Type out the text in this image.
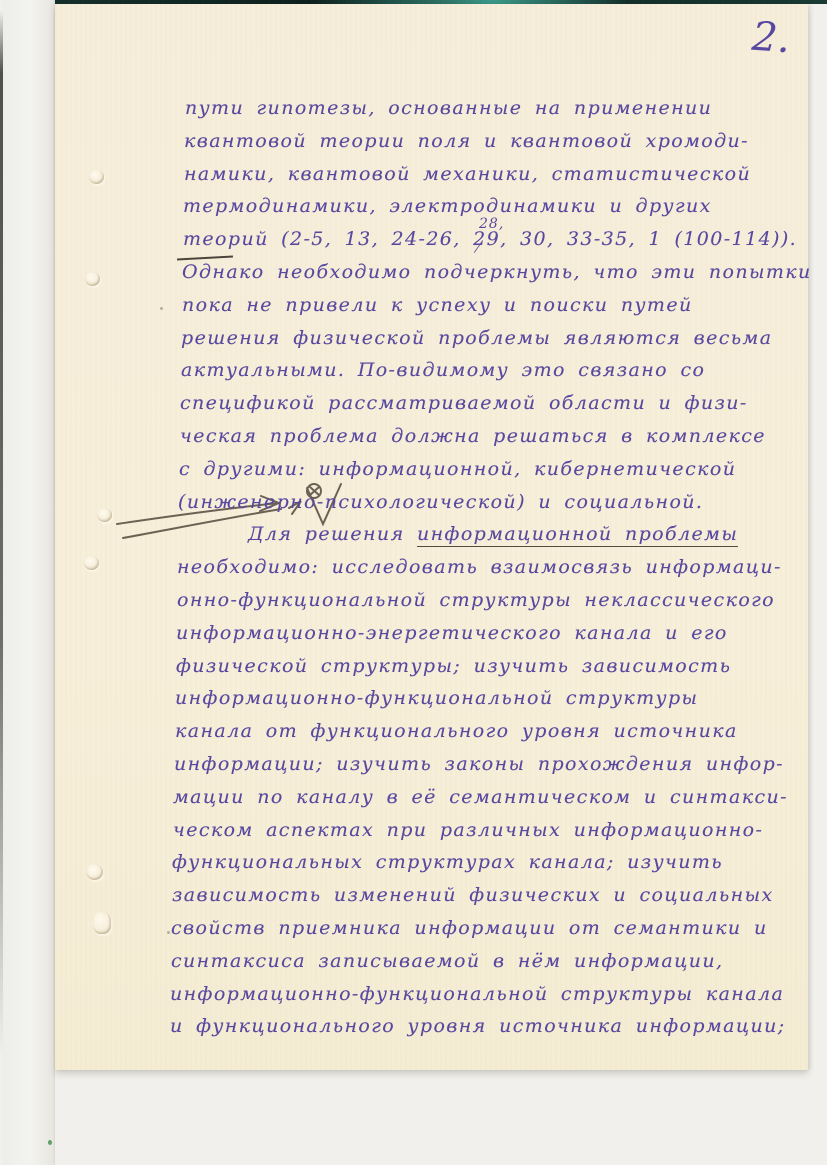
2.
28,
пути гипотезы, основанные на применении
квантовой теории поля и квантовой хромоди-
намики, квантовой механики, статистической
термодинамики, электродинамики и других
теорий (2-5, 13, 24-26, 29, 30, 33-35, 1 (100-114)).
Однако необходимо подчеркнуть, что эти попытки
пока не привели к успеху и поиски путей
решения физической проблемы являются весьма
актуальными. По-видимому это связано со
спецификой рассматриваемой области и физи-
ческая проблема должна решаться в комплексе
с другими: информационной, кибернетической
(инженерно-психологической) и социальной.
Для решения информационной проблемы
необходимо: исследовать взаимосвязь информаци-
онно-функциональной структуры неклассического
информационно-энергетического канала и его
физической структуры; изучить зависимость
информационно-функциональной структуры
канала от функционального уровня источника
информации; изучить законы прохождения инфор-
мации по каналу в её семантическом и синтакси-
ческом аспектах при различных информационно-
функциональных структурах канала; изучить
зависимость изменений физических и социальных
свойств приемника информации от семантики и
синтаксиса записываемой в нём информации,
информационно-функциональной структуры канала
и функционального уровня источника информации;
